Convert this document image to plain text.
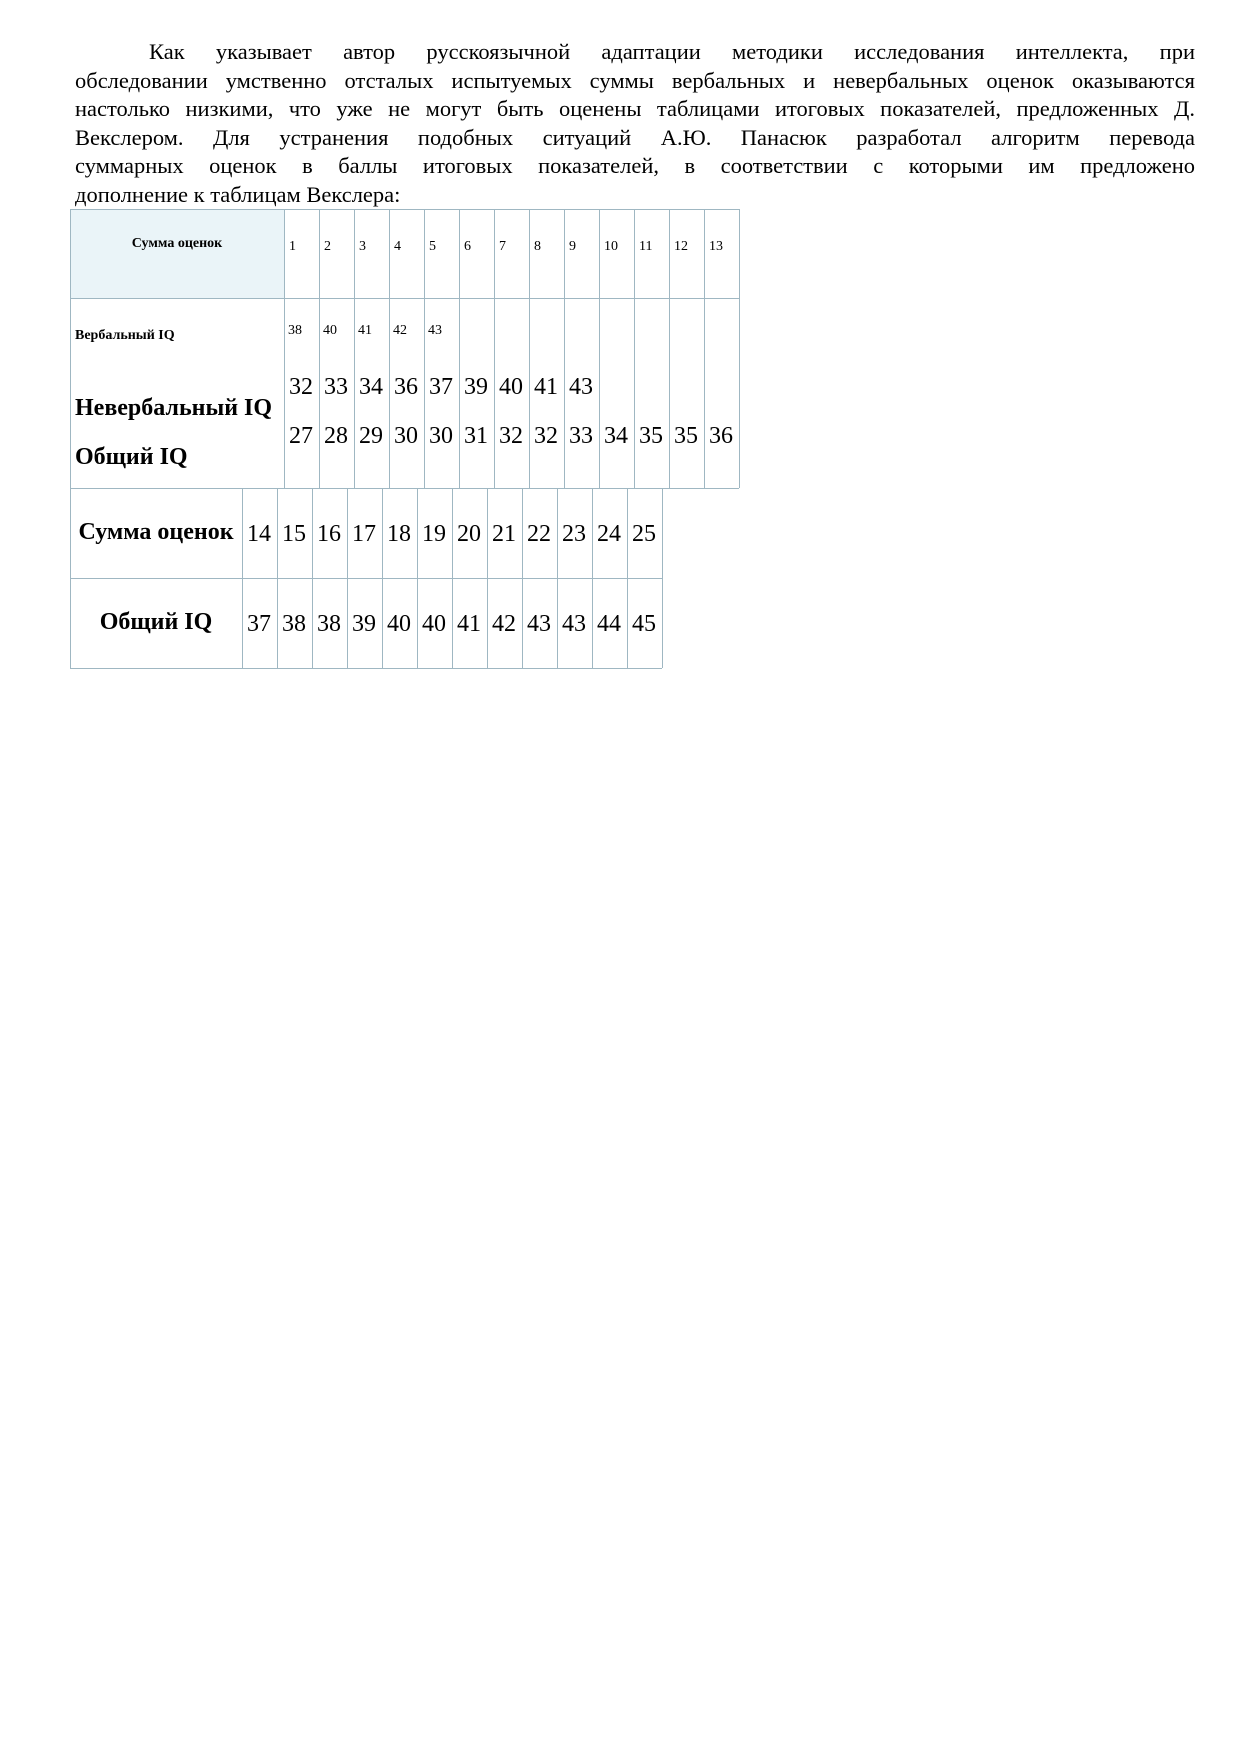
Как указывает автор русскоязычной адаптации методики исследования интеллекта, при
обследовании умственно отсталых испытуемых суммы вербальных и невербальных оценок оказываются
настолько низкими, что уже не могут быть оценены таблицами итоговых показателей, предложенных Д.
Векслером. Для устранения подобных ситуаций А.Ю. Панасюк разработал алгоритм перевода
суммарных оценок в баллы итоговых показателей, в соответствии с которыми им предложено
дополнение к таблицам Векслера:
1 2 3 4 5 6 7 8 9 10 11 12 13
38 40 41 42 43
32 33 34 36 37 39 40 41 43
27 28 29 30 30 31 32 32 33 34 35 35 36
Сумма оценок
Вербальный IQ
Невербальный IQ
Общий IQ
14 15 16 17 18 19 20 21 22 23 24 25
37 38 38 39 40 40 41 42 43 43 44 45
Сумма оценок
Общий IQ
